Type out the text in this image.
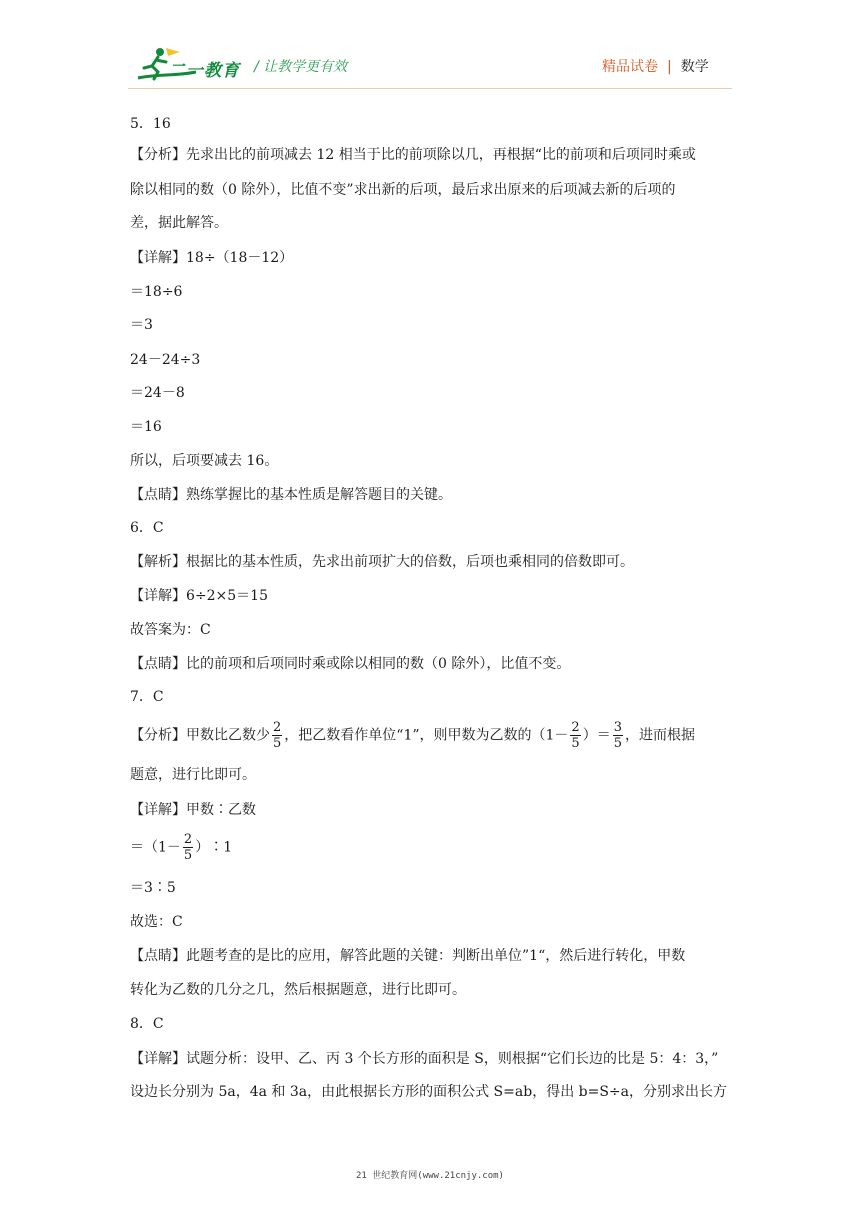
二一教育 / 让教学更有效	精品试卷 | 数学
5．16
【分析】先求出比的前项减去 12 相当于比的前项除以几，再根据“比的前项和后项同时乘或
除以相同的数（0 除外），比值不变”求出新的后项，最后求出原来的后项减去新的后项的
差，据此解答。
【详解】18÷（18－12）
＝18÷6
＝3
24－24÷3
＝24－8
＝16
所以，后项要减去 16。
【点睛】熟练掌握比的基本性质是解答题目的关键。
6．C
【解析】根据比的基本性质，先求出前项扩大的倍数，后项也乘相同的倍数即可。
【详解】6÷2×5＝15
故答案为：C
【点睛】比的前项和后项同时乘或除以相同的数（0 除外），比值不变。
7．C
【分析】甲数比乙数少 $\frac{2}{5}$ ，把乙数看作单位“1”，则甲数为乙数的（$1- \frac{2}{5}$ ）＝ $\frac{3}{5}$ ，进而根据
题意，进行比即可。
【详解】甲数∶乙数
$=(1- \frac{2}{5}$ ）∶1
＝3∶5
故选：C
【点睛】此题考查的是比的应用，解答此题的关键：判断出单位”1“，然后进行转化，甲数
转化为乙数的几分之几，然后根据题意，进行比即可。
8．C
【详解】试题分析：设甲、乙、丙 3 个长方形的面积是 S，则根据“它们长边的比是 5：4：3，”
设边长分别为 5a，4a 和 3a，由此根据长方形的面积公式 S=ab，得出 b=S÷a，分别求出长方
21 世纪教育网(www.21cnjy.com)
